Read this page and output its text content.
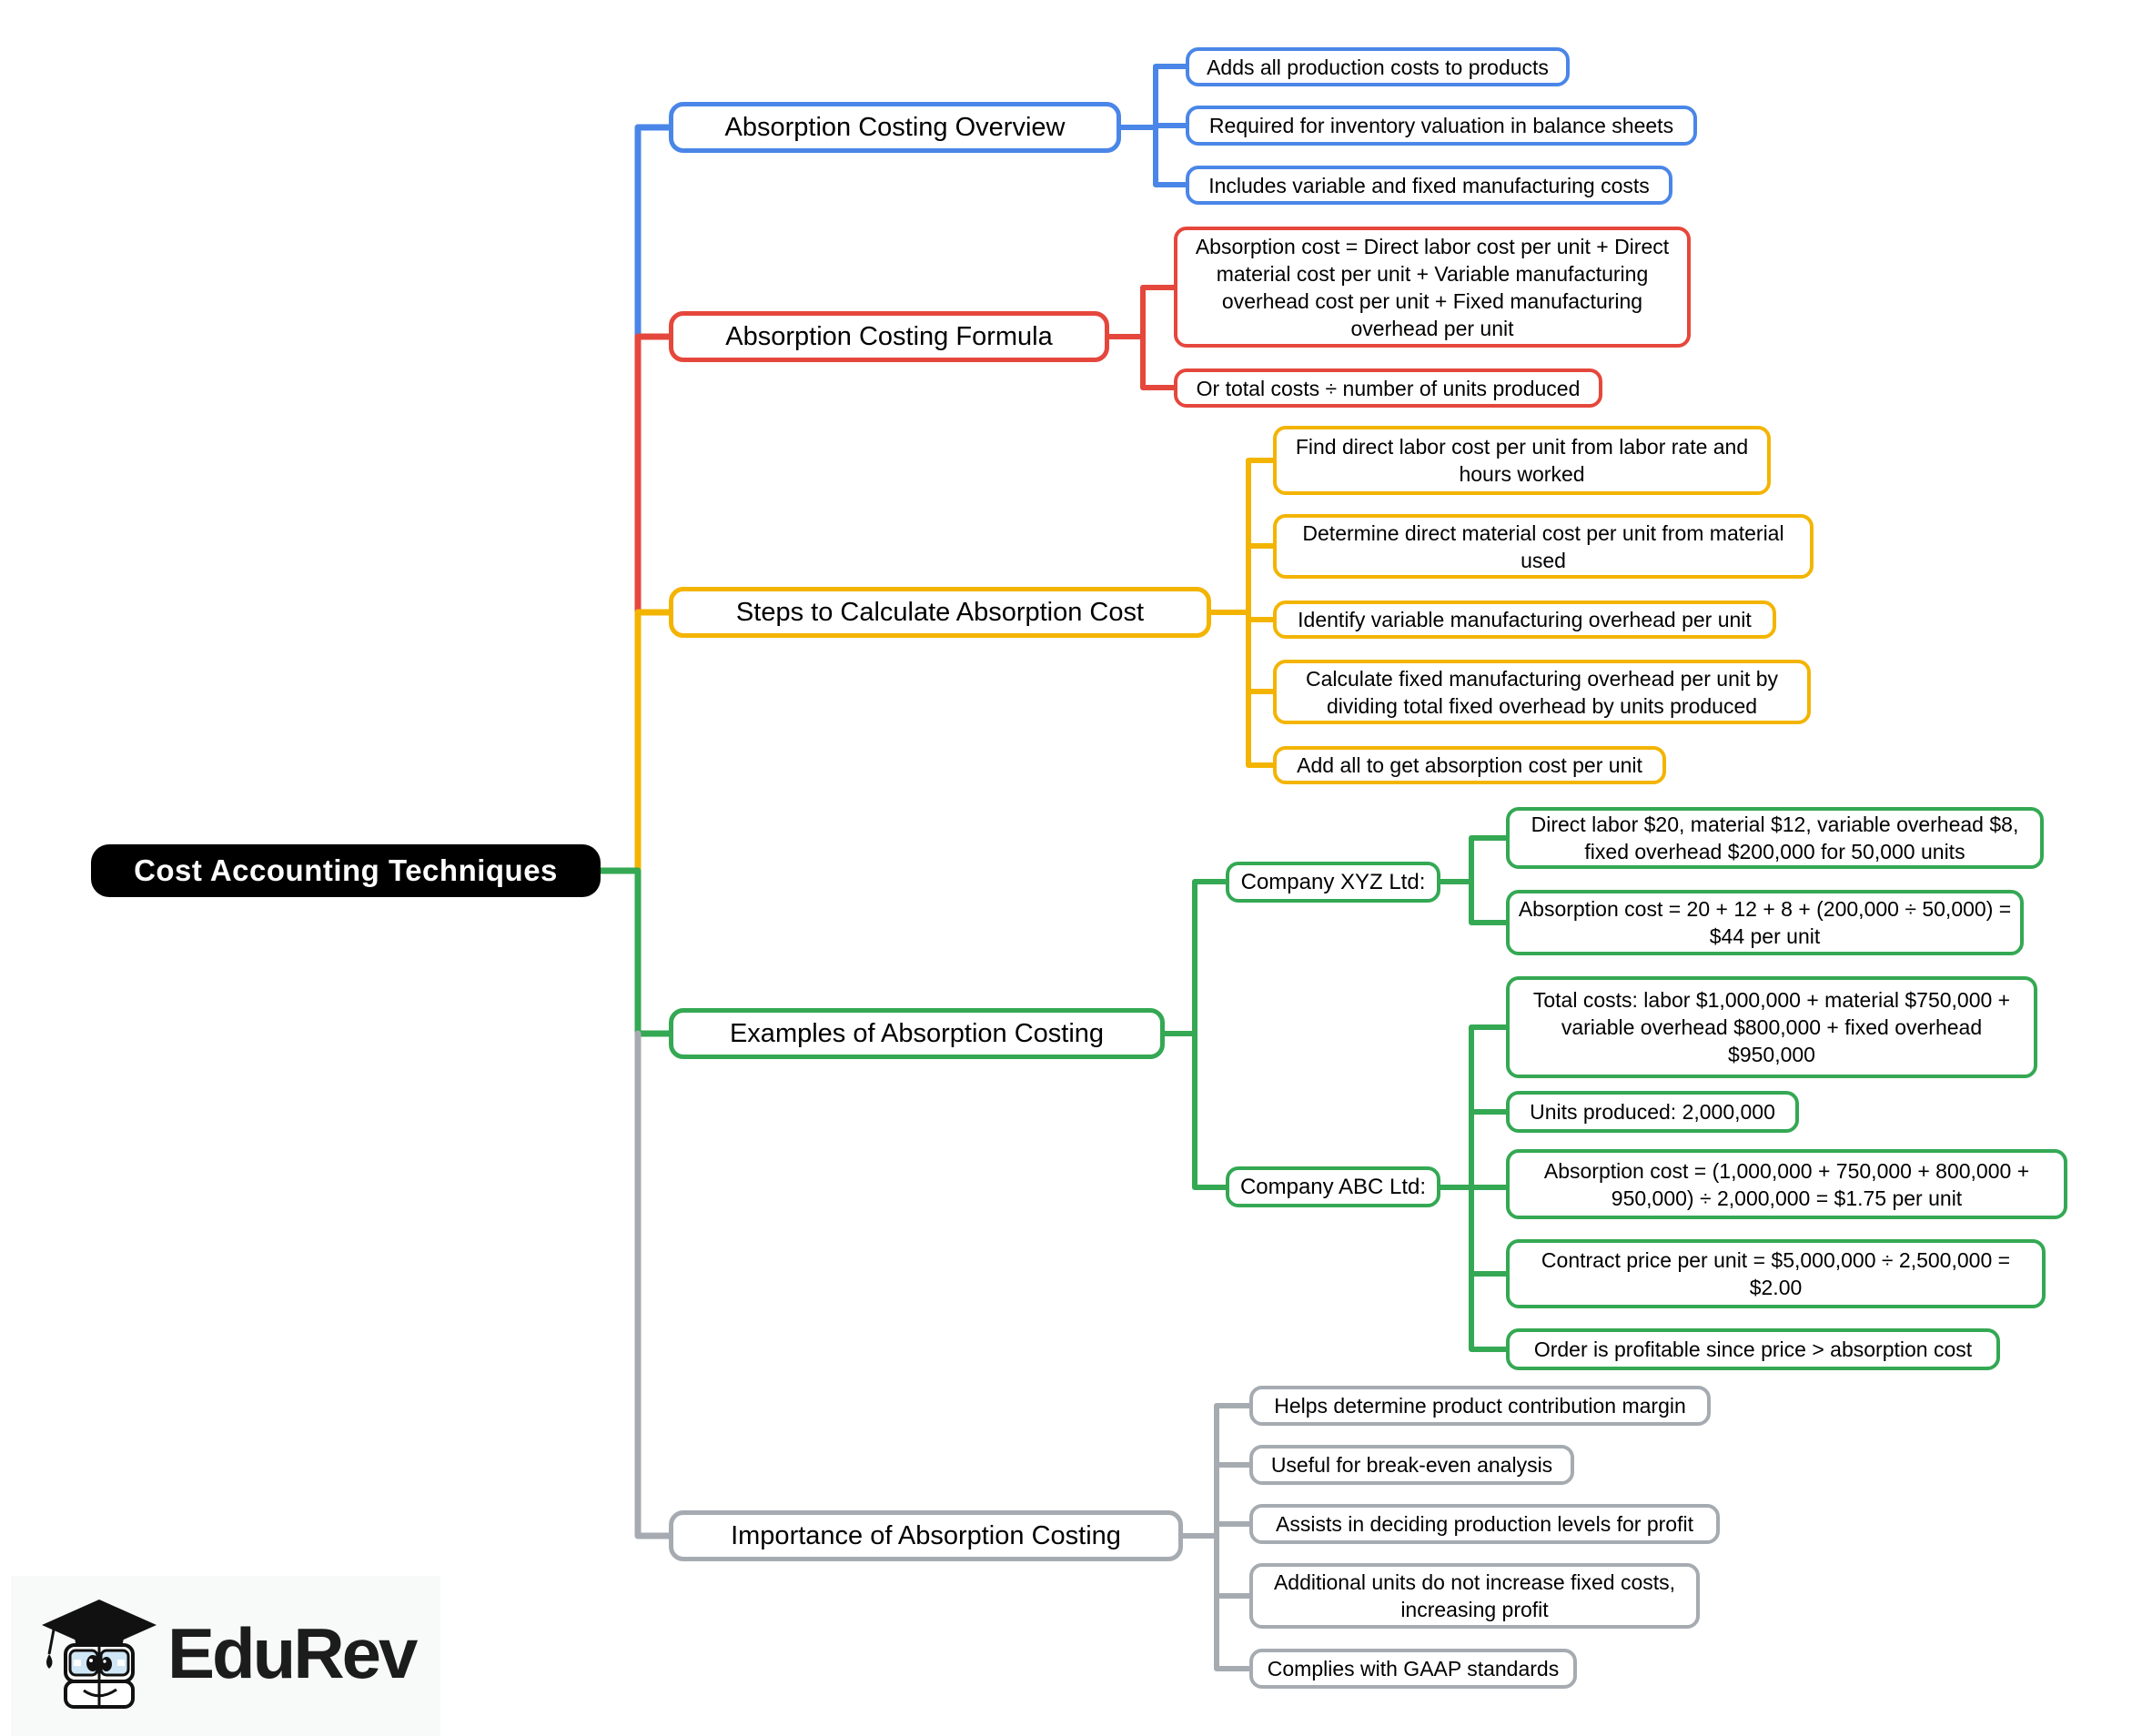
Cost Accounting Techniques
Absorption Costing Overview
Absorption Costing Formula
Steps to Calculate Absorption Cost
Examples of Absorption Costing
Importance of Absorption Costing
Adds all production costs to products
Required for inventory valuation in balance sheets
Includes variable and fixed manufacturing costs
Absorption cost = Direct labor cost per unit + Direct material cost per unit + Variable manufacturing overhead cost per unit + Fixed manufacturing overhead per unit
Or total costs ÷ number of units produced
Find direct labor cost per unit from labor rate and hours worked
Determine direct material cost per unit from material used
Identify variable manufacturing overhead per unit
Calculate fixed manufacturing overhead per unit by dividing total fixed overhead by units produced
Add all to get absorption cost per unit
Company XYZ Ltd:
Company ABC Ltd:
Direct labor $20, material $12, variable overhead $8, fixed overhead $200,000 for 50,000 units
Absorption cost = 20 + 12 + 8 + (200,000 ÷ 50,000) = $44 per unit
Total costs: labor $1,000,000 + material $750,000 + variable overhead $800,000 + fixed overhead $950,000
Units produced: 2,000,000
Absorption cost = (1,000,000 + 750,000 + 800,000 + 950,000) ÷ 2,000,000 = $1.75 per unit
Contract price per unit = $5,000,000 ÷ 2,500,000 = $2.00
Order is profitable since price > absorption cost
Helps determine product contribution margin
Useful for break-even analysis
Assists in deciding production levels for profit
Additional units do not increase fixed costs, increasing profit
Complies with GAAP standards
EduRev
